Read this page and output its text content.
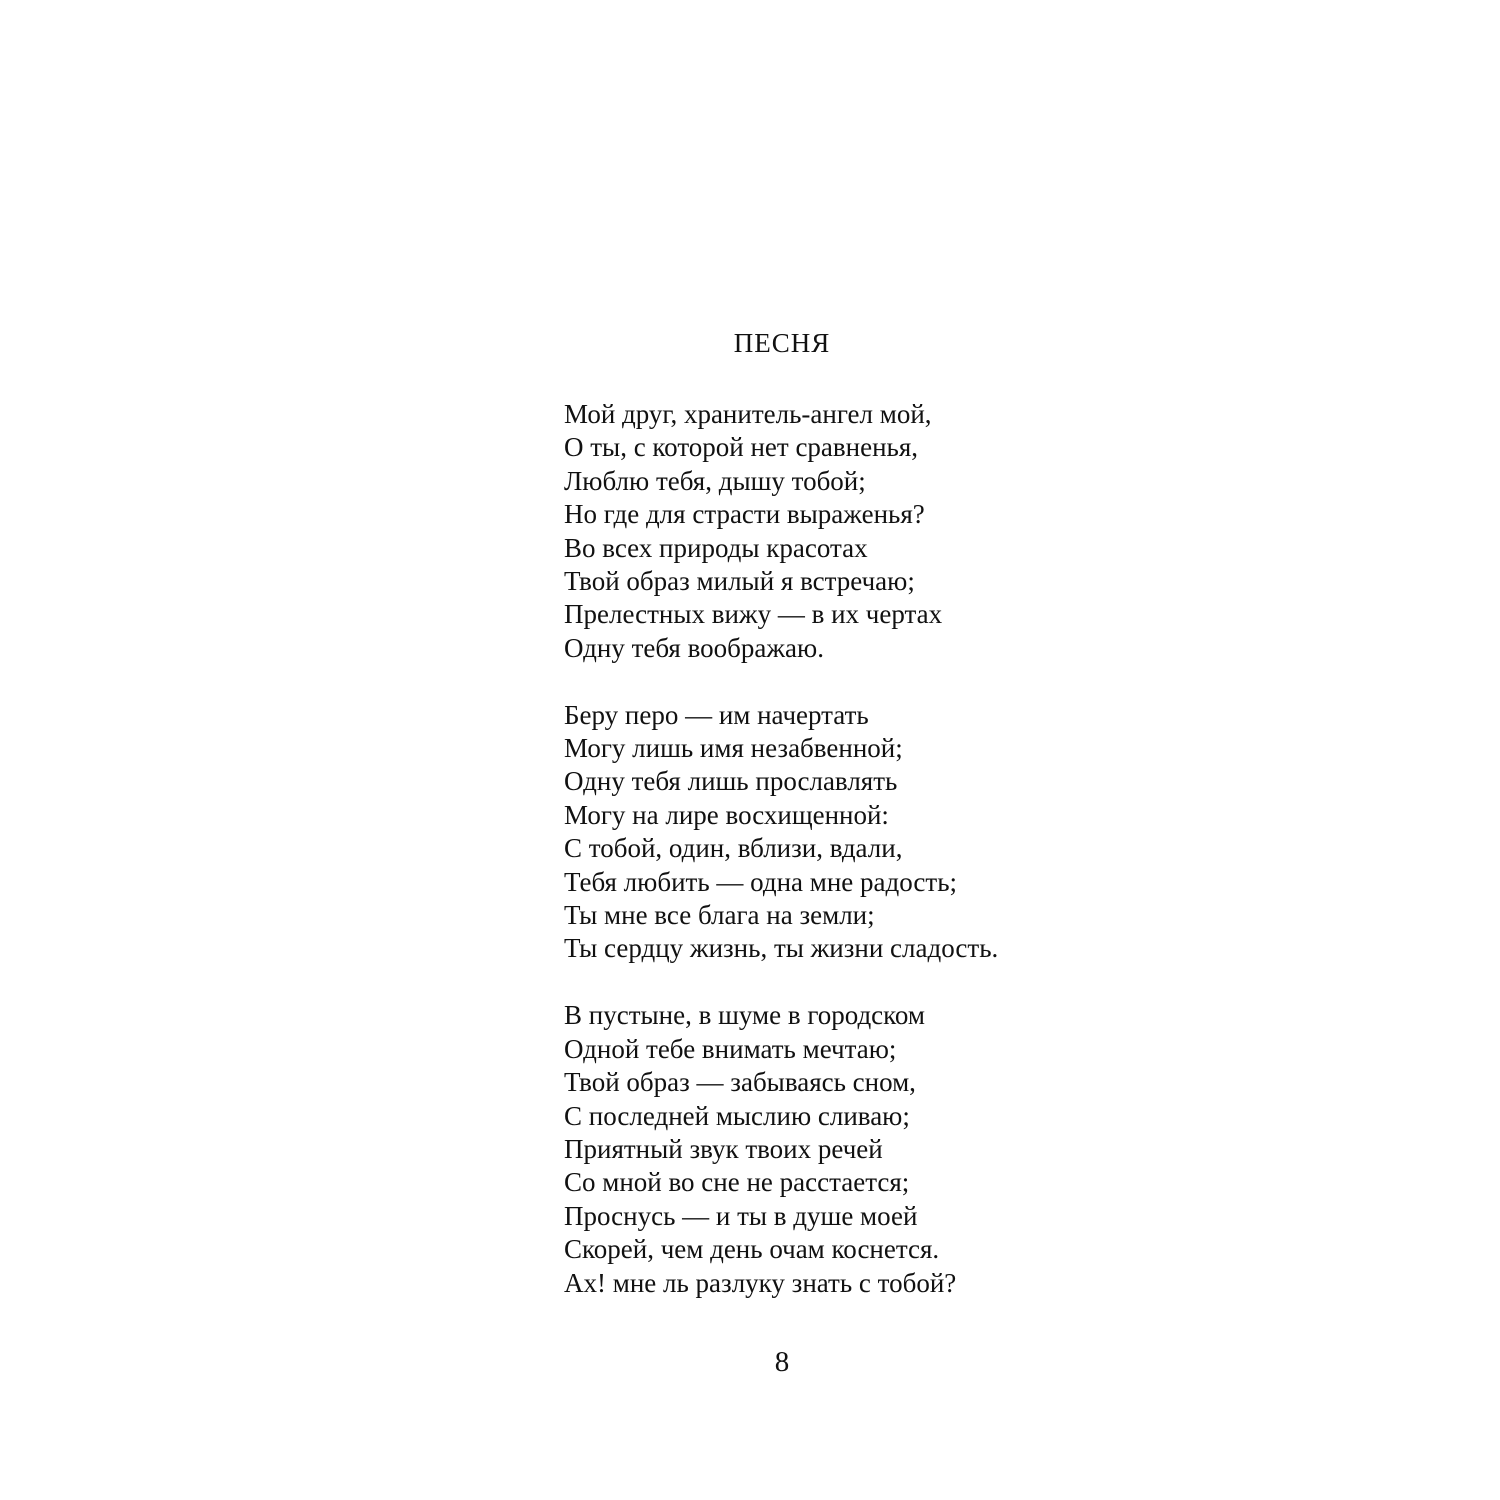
ПЕСНЯ

Мой друг, хранитель-ангел мой,
О ты, с которой нет сравненья,
Люблю тебя, дышу тобой;
Но где для страсти выраженья?
Во всех природы красотах
Твой образ милый я встречаю;
Прелестных вижу — в их чертах
Одну тебя воображаю.

Беру перо — им начертать
Могу лишь имя незабвенной;
Одну тебя лишь прославлять
Могу на лире восхищенной:
С тобой, один, вблизи, вдали,
Тебя любить — одна мне радость;
Ты мне все блага на земли;
Ты сердцу жизнь, ты жизни сладость.

В пустыне, в шуме в городском
Одной тебе внимать мечтаю;
Твой образ — забываясь сном,
С последней мыслию сливаю;
Приятный звук твоих речей
Со мной во сне не расстается;
Проснусь — и ты в душе моей
Скорей, чем день очам коснется.
Ах! мне ль разлуку знать с тобой?

8
